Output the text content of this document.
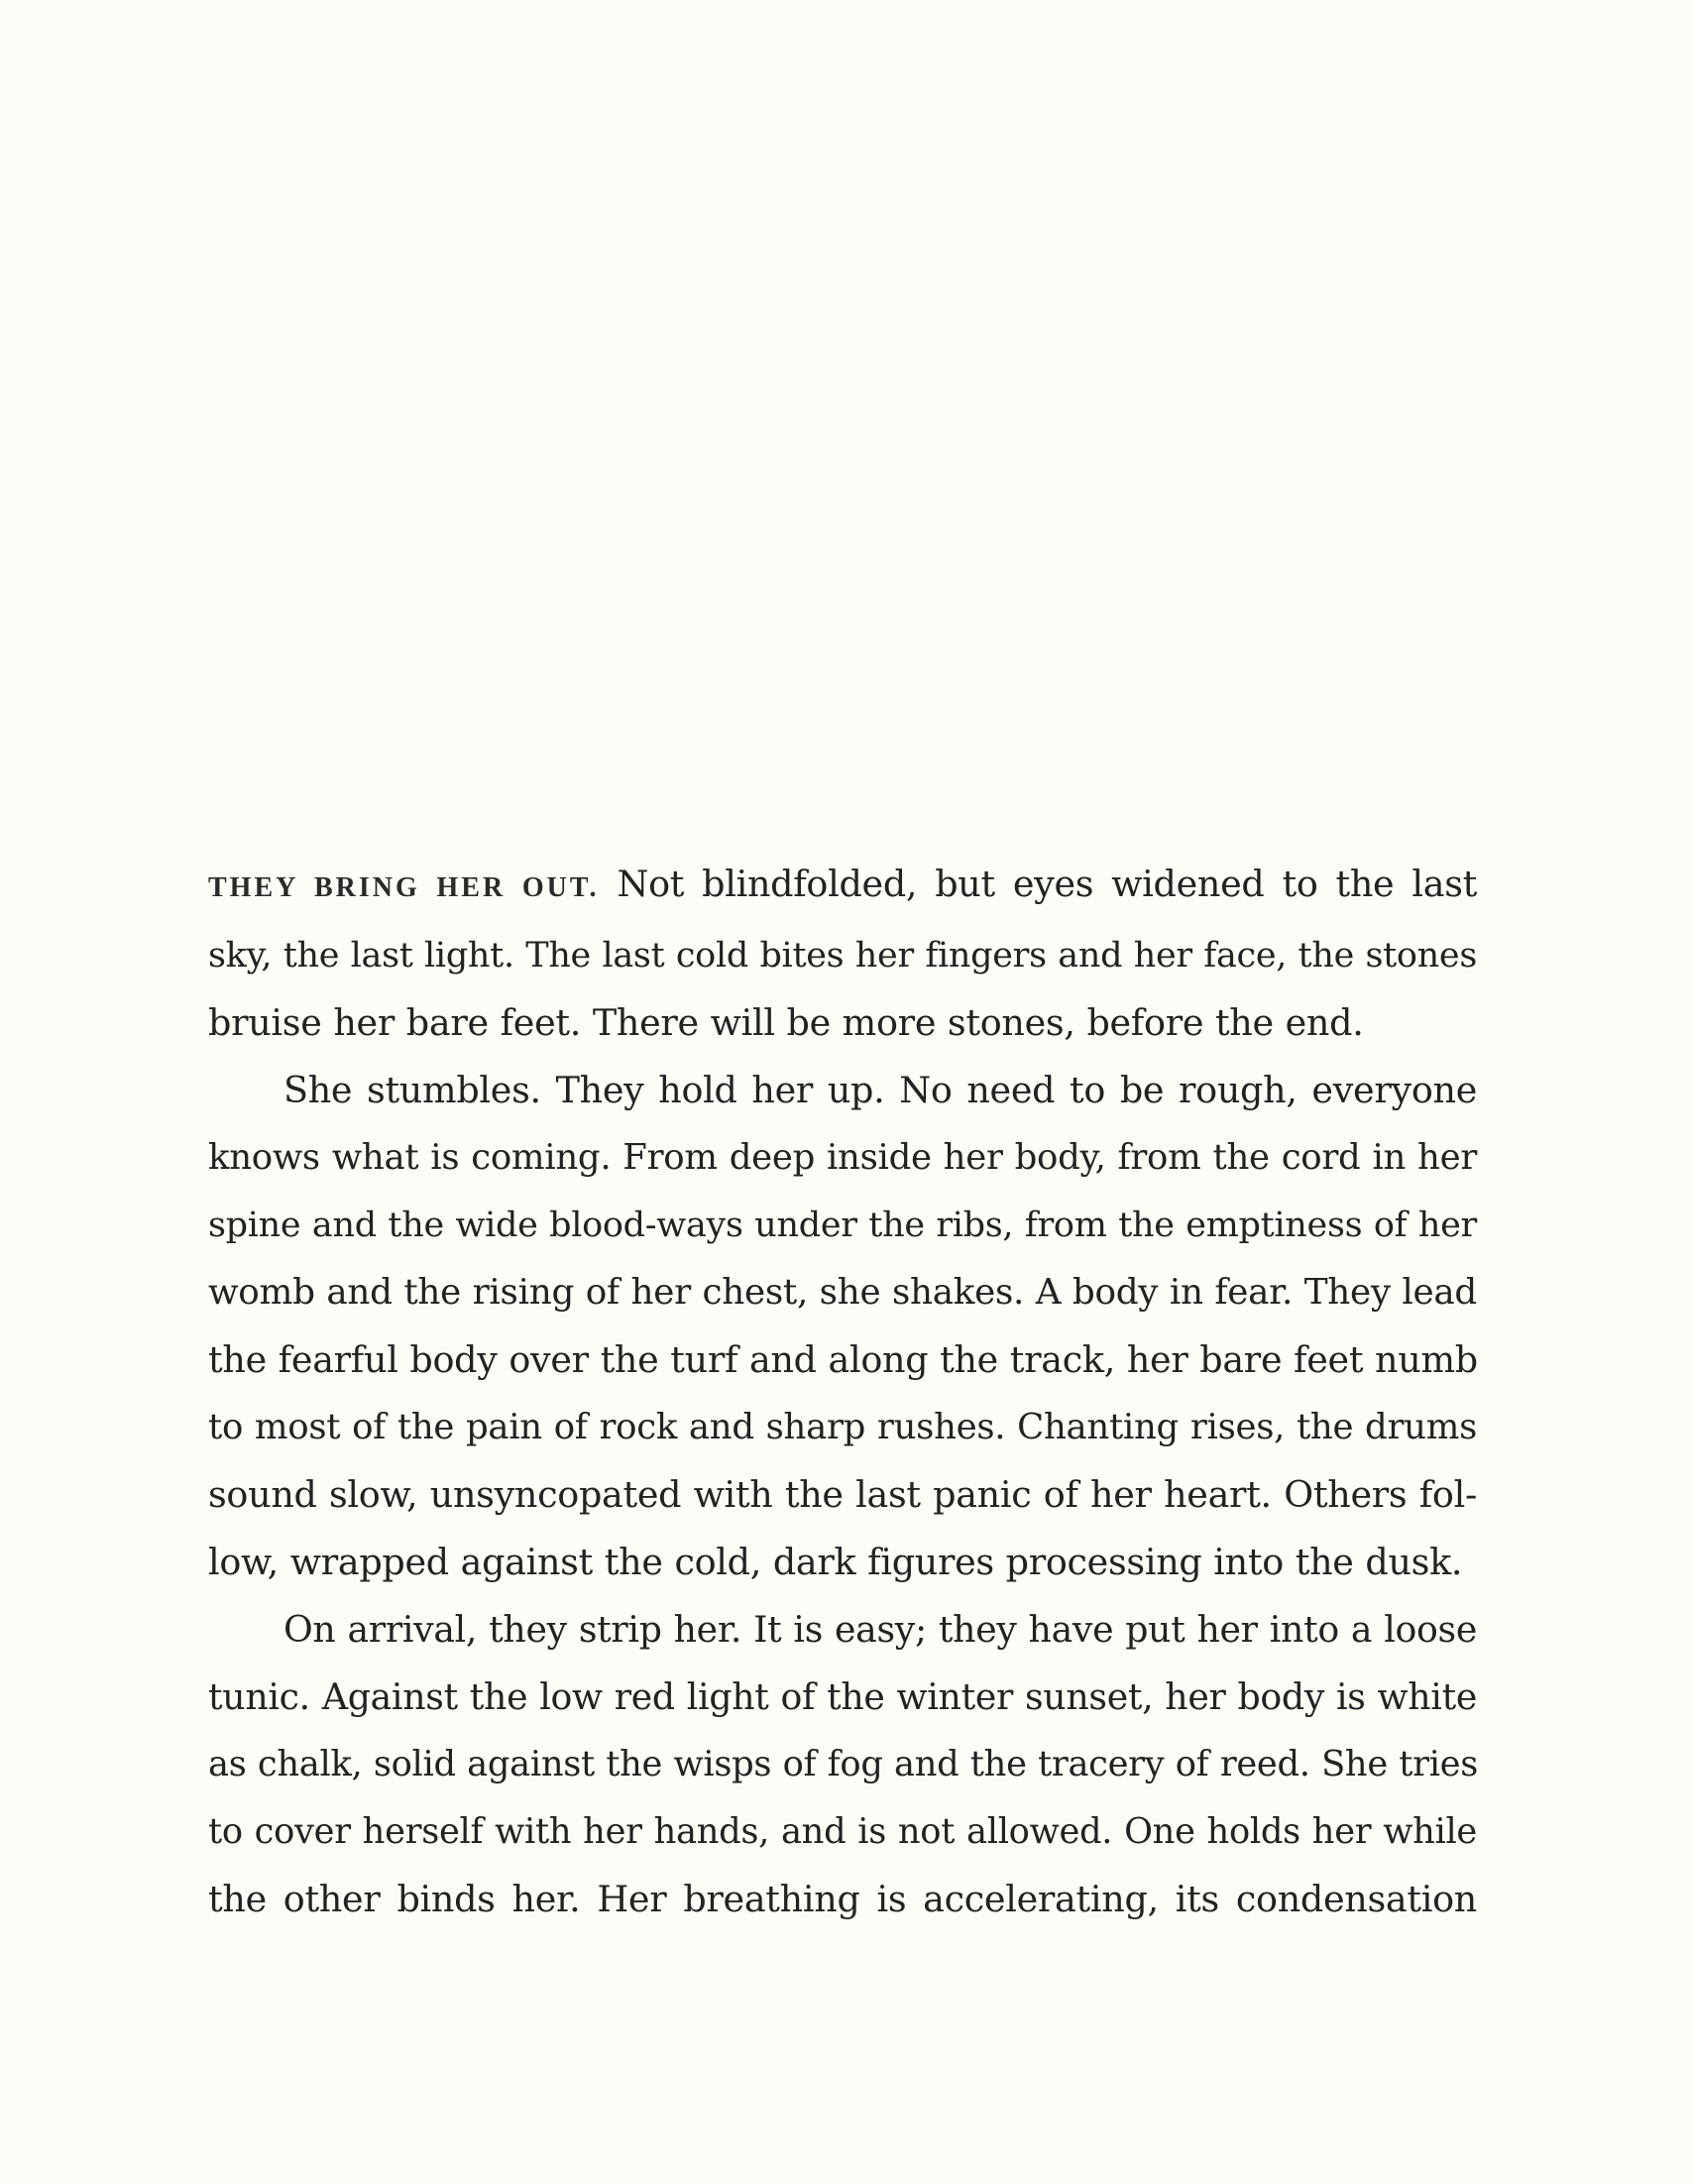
THEY BRING HER OUT. Not blindfolded, but eyes widened to the last
sky, the last light. The last cold bites her fingers and her face, the stones
bruise her bare feet. There will be more stones, before the end.

She stumbles. They hold her up. No need to be rough, everyone
knows what is coming. From deep inside her body, from the cord in her
spine and the wide blood-ways under the ribs, from the emptiness of her
womb and the rising of her chest, she shakes. A body in fear. They lead
the fearful body over the turf and along the track, her bare feet numb
to most of the pain of rock and sharp rushes. Chanting rises, the drums
sound slow, unsyncopated with the last panic of her heart. Others fol-
low, wrapped against the cold, dark figures processing into the dusk.

On arrival, they strip her. It is easy; they have put her into a loose
tunic. Against the low red light of the winter sunset, her body is white
as chalk, solid against the wisps of fog and the tracery of reed. She tries
to cover herself with her hands, and is not allowed. One holds her while
the other binds her. Her breathing is accelerating, its condensation
